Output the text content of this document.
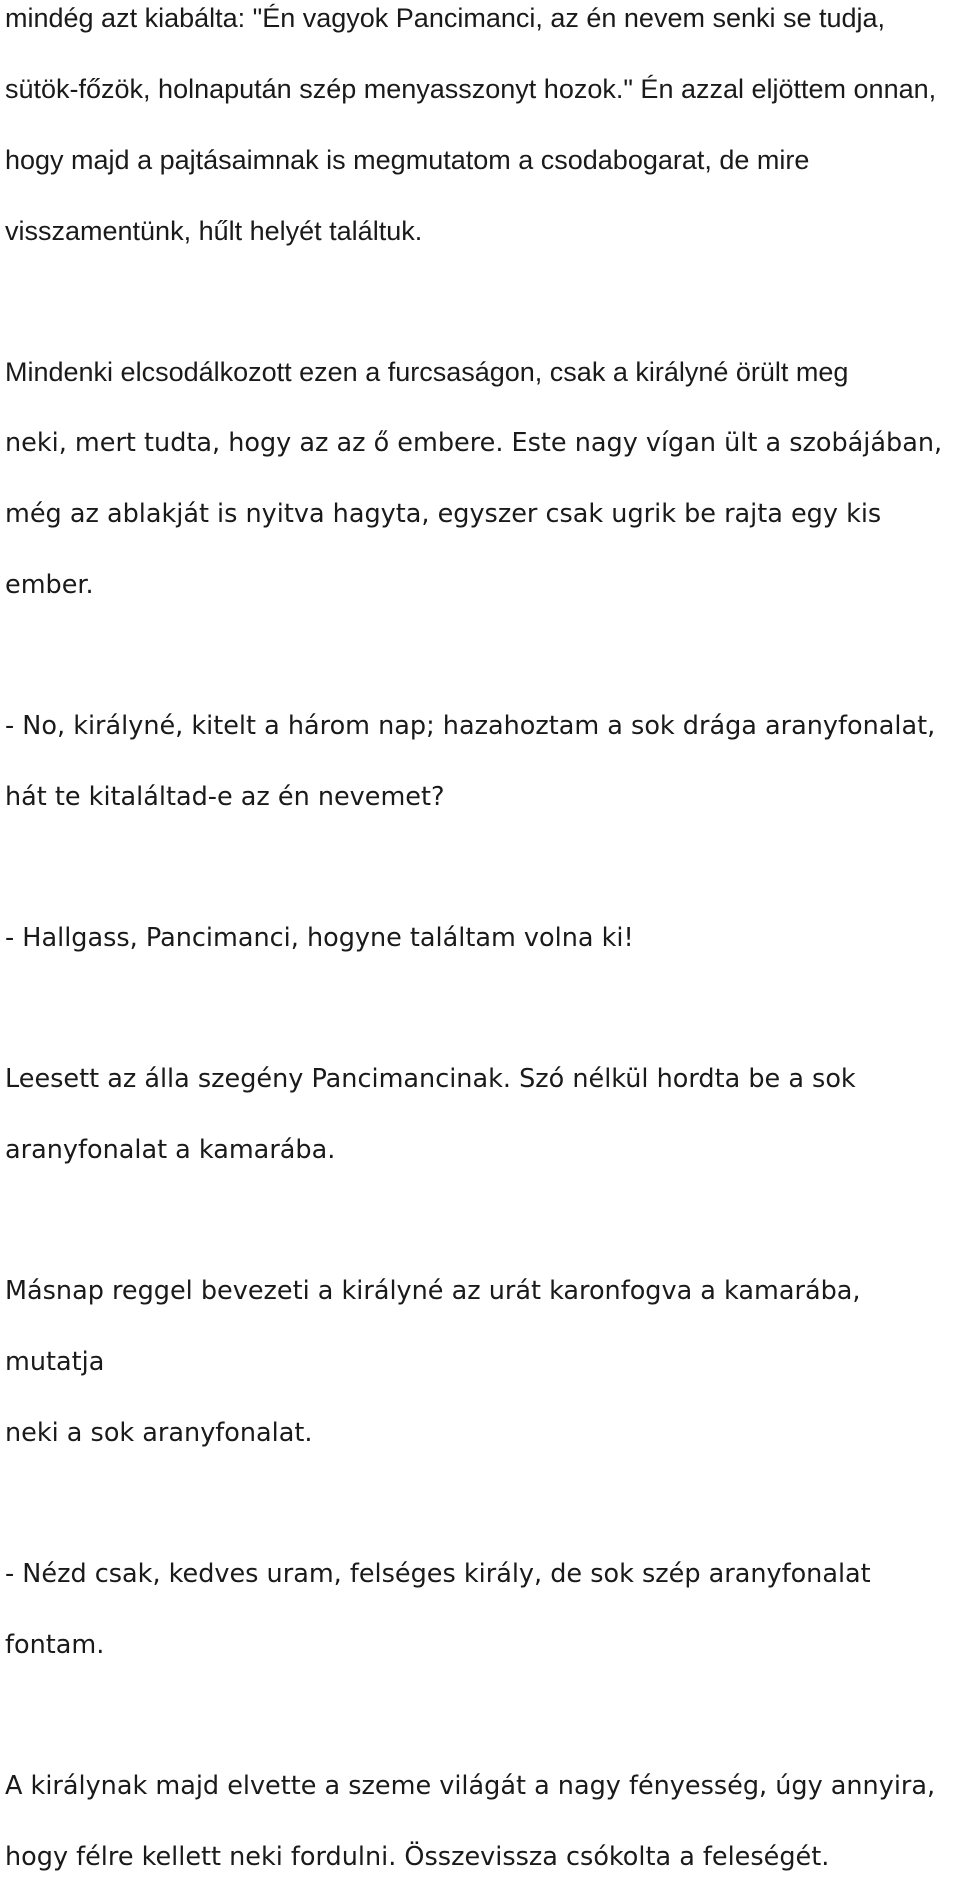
mindég azt kiabálta: "Én vagyok Pancimanci, az én nevem senki se tudja,
sütök-főzök, holnapután szép menyasszonyt hozok." Én azzal eljöttem onnan,
hogy majd a pajtásaimnak is megmutatom a csodabogarat, de mire
visszamentünk, hűlt helyét találtuk.
Mindenki elcsodálkozott ezen a furcsaságon, csak a királyné örült meg
neki, mert tudta, hogy az az ő embere. Este nagy vígan ült a szobájában,
még az ablakját is nyitva hagyta, egyszer csak ugrik be rajta egy kis
ember.
- No, királyné, kitelt a három nap; hazahoztam a sok drága aranyfonalat,
hát te kitaláltad-e az én nevemet?
- Hallgass, Pancimanci, hogyne találtam volna ki!
Leesett az álla szegény Pancimancinak. Szó nélkül hordta be a sok
aranyfonalat a kamarába.
Másnap reggel bevezeti a királyné az urát karonfogva a kamarába, mutatja
neki a sok aranyfonalat.
- Nézd csak, kedves uram, felséges király, de sok szép aranyfonalat
fontam.
A királynak majd elvette a szeme világát a nagy fényesség, úgy annyira,
hogy félre kellett neki fordulni. Összevissza csókolta a feleségét.
